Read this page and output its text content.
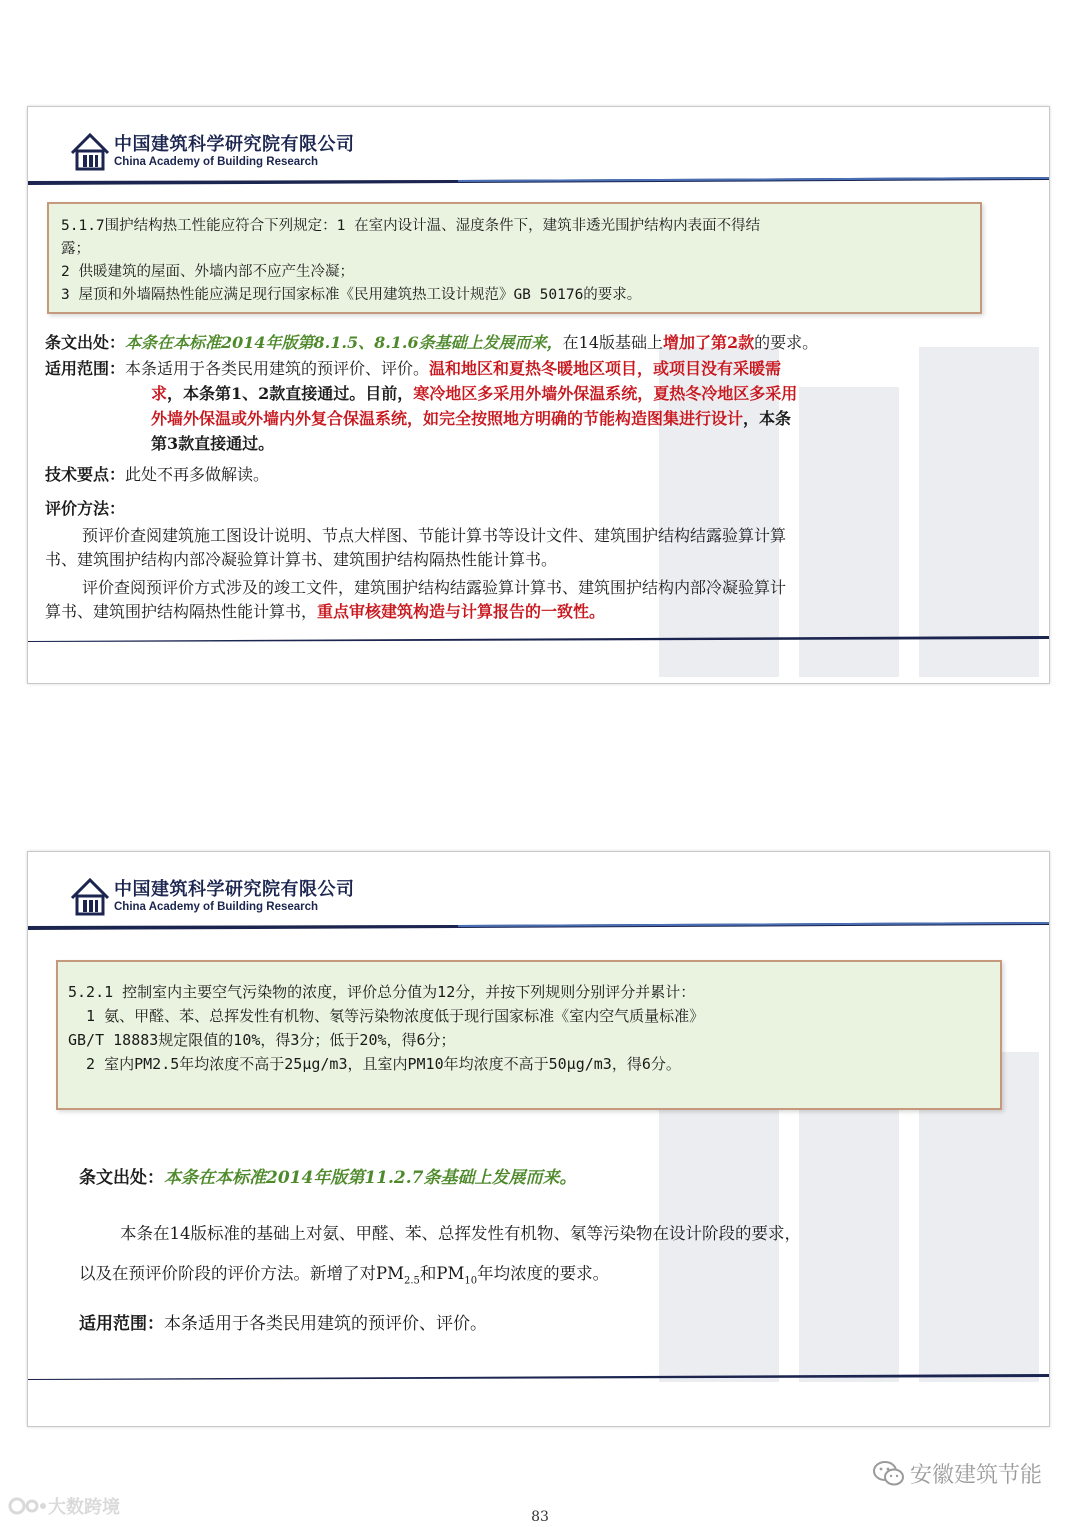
中国建筑科学研究院有限公司
China Academy of Building Research
5.1.7围护结构热工性能应符合下列规定：1 在室内设计温、湿度条件下，建筑非透光围护结构内表面不得结
露；
2 供暖建筑的屋面、外墙内部不应产生冷凝；
3 屋顶和外墙隔热性能应满足现行国家标准《民用建筑热工设计规范》GB 50176的要求。
条文出处：本条在本标准2014年版第8.1.5、8.1.6条基础上发展而来，在14版基础上增加了第2款的要求。
适用范围：本条适用于各类民用建筑的预评价、评价。温和地区和夏热冬暖地区项目，或项目没有采暖需
求，本条第1、2款直接通过。目前，寒冷地区多采用外墙外保温系统，夏热冬冷地区多采用
外墙外保温或外墙内外复合保温系统，如完全按照地方明确的节能构造图集进行设计，本条
第3款直接通过。
技术要点：此处不再多做解读。
评价方法：
预评价查阅建筑施工图设计说明、节点大样图、节能计算书等设计文件、建筑围护结构结露验算计算
书、建筑围护结构内部冷凝验算计算书、建筑围护结构隔热性能计算书。
评价查阅预评价方式涉及的竣工文件，建筑围护结构结露验算计算书、建筑围护结构内部冷凝验算计
算书、建筑围护结构隔热性能计算书，重点审核建筑构造与计算报告的一致性。
中国建筑科学研究院有限公司
China Academy of Building Research
5.2.1 控制室内主要空气污染物的浓度，评价总分值为12分，并按下列规则分别评分并累计：
1 氨、甲醛、苯、总挥发性有机物、氡等污染物浓度低于现行国家标准《室内空气质量标准》
GB/T 18883规定限值的10%，得3分；低于20%，得6分；
2 室内PM2.5年均浓度不高于25μg/m3，且室内PM10年均浓度不高于50μg/m3，得6分。
条文出处：本条在本标准2014年版第11.2.7条基础上发展而来。
本条在14版标准的基础上对氨、甲醛、苯、总挥发性有机物、氡等污染物在设计阶段的要求，
以及在预评价阶段的评价方法。新增了对$PM_{2.5}$和$PM_{10}$年均浓度的要求。
适用范围：本条适用于各类民用建筑的预评价、评价。
安徽建筑节能
大数跨境	83
